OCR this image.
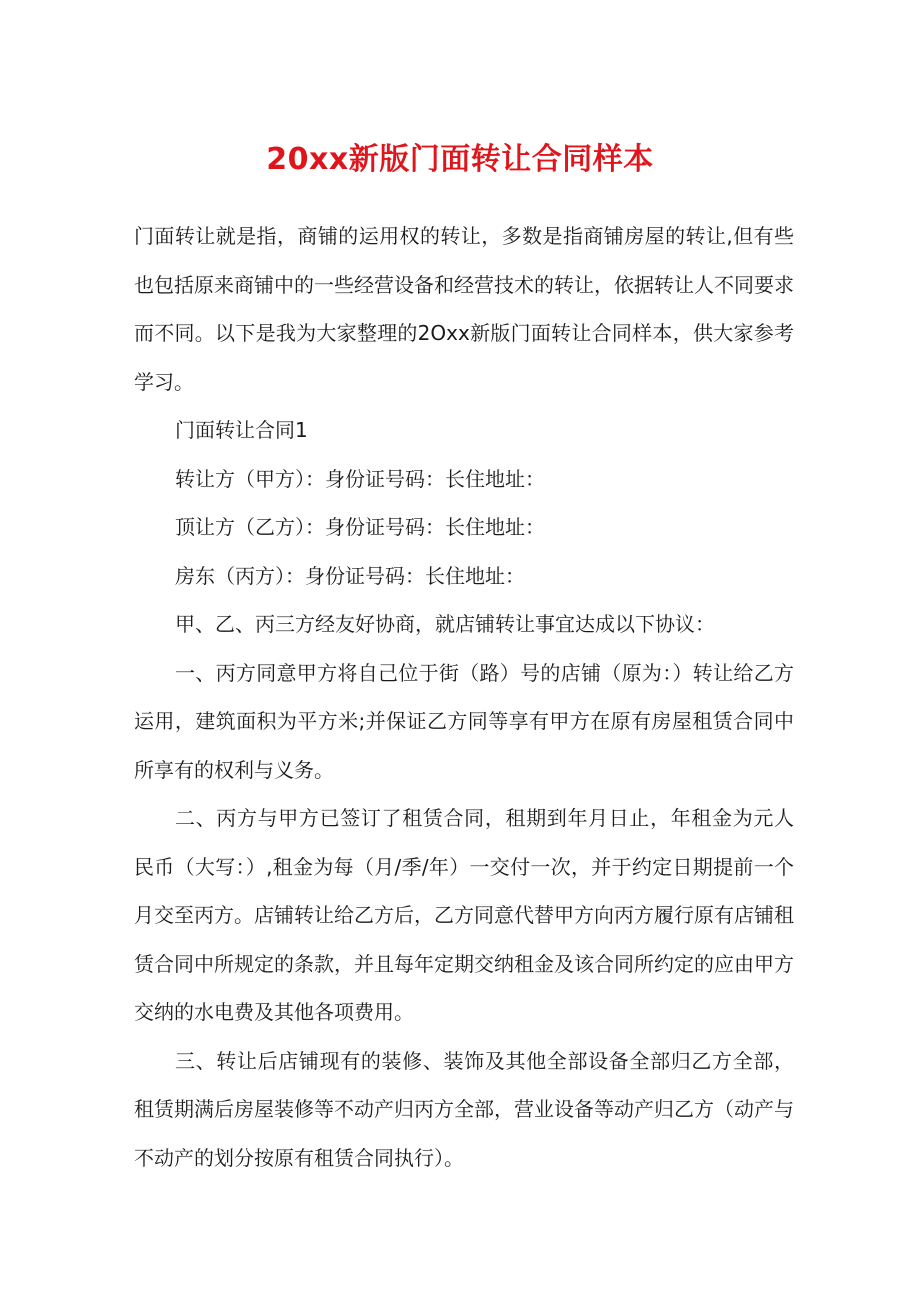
20xx新版门面转让合同样本

门面转让就是指，商铺的运用权的转让，多数是指商铺房屋的转让,但有些也包括原来商铺中的一些经营设备和经营技术的转让，依据转让人不同要求而不同。以下是我为大家整理的2Oxx新版门面转让合同样本，供大家参考学习。

门面转让合同1

转让方（甲方）：身份证号码：长住地址：

顶让方（乙方）：身份证号码：长住地址：

房东（丙方）：身份证号码：长住地址：

甲、乙、丙三方经友好协商，就店铺转让事宜达成以下协议：

一、丙方同意甲方将自己位于街（路）号的店铺（原为：）转让给乙方运用，建筑面积为平方米;并保证乙方同等享有甲方在原有房屋租赁合同中所享有的权利与义务。

二、丙方与甲方已签订了租赁合同，租期到年月日止，年租金为元人民币（大写：）,租金为每（月/季/年）一交付一次，并于约定日期提前一个月交至丙方。店铺转让给乙方后，乙方同意代替甲方向丙方履行原有店铺租赁合同中所规定的条款，并且每年定期交纳租金及该合同所约定的应由甲方交纳的水电费及其他各项费用。

三、转让后店铺现有的装修、装饰及其他全部设备全部归乙方全部，租赁期满后房屋装修等不动产归丙方全部，营业设备等动产归乙方（动产与不动产的划分按原有租赁合同执行）。
